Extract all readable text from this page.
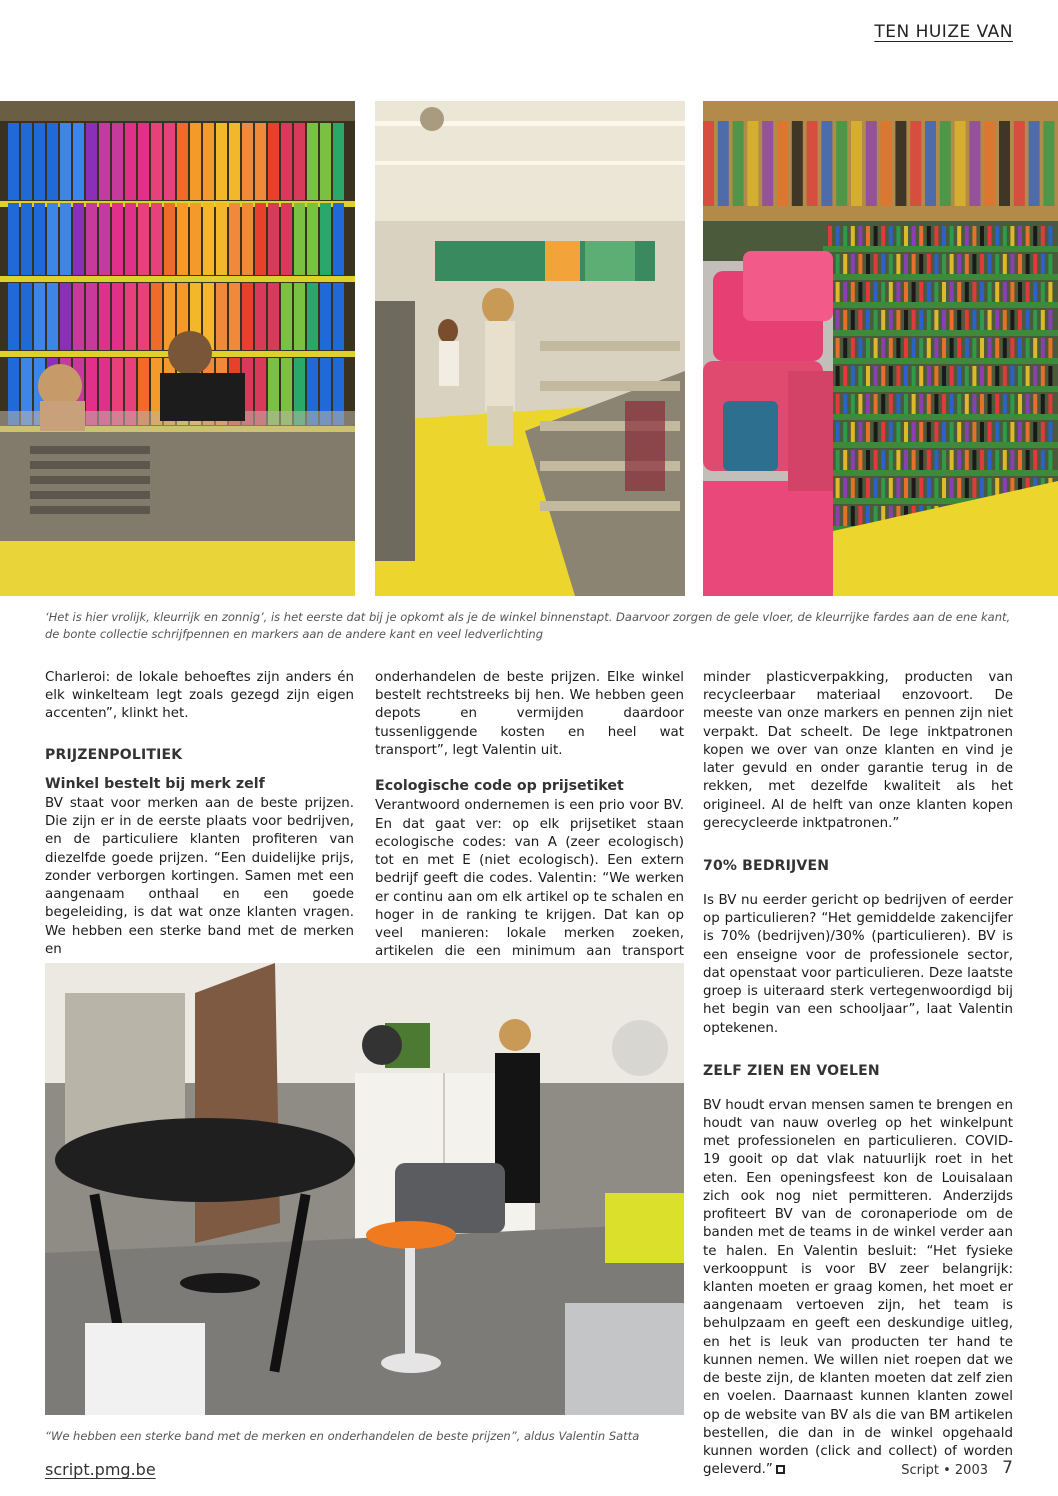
TEN HUIZE VAN
‘Het is hier vrolijk, kleurrijk en zonnig’, is het eerste dat bij je opkomt als je de winkel binnenstapt. Daarvoor zorgen de gele vloer, de kleurrijke fardes aan de ene kant, de bonte collectie schrijfpennen en markers aan de andere kant en veel ledverlichting

Charleroi: de lokale behoeftes zijn anders én elk winkelteam legt zoals gezegd zijn eigen accenten”, klinkt het.

PRIJZENPOLITIEK
Winkel bestelt bij merk zelf

BV staat voor merken aan de beste prijzen. Die zijn er in de eerste plaats voor bedrijven, en de particuliere klanten profiteren van diezelfde goede prijzen. “Een duidelijke prijs, zonder verborgen kortingen. Samen met een aangenaam onthaal en een goede begeleiding, is dat wat onze klanten vragen. We hebben een sterke band met de merken en

onderhandelen de beste prijzen. Elke winkel bestelt rechtstreeks bij hen. We hebben geen depots en vermijden daardoor tussenliggende kosten en heel wat transport”, legt Valentin uit.

Ecologische code op prijsetiket

Verantwoord ondernemen is een prio voor BV. En dat gaat ver: op elk prijsetiket staan ecologische codes: van A (zeer ecologisch) tot en met E (niet ecologisch). Een extern bedrijf geeft die codes. Valentin: “We werken er continu aan om elk artikel op te schalen en hoger in de ranking te krijgen. Dat kan op veel manieren: lokale merken zoeken, artikelen die een minimum aan transport

minder plasticverpakking, producten van recycleerbaar materiaal enzovoort. De meeste van onze markers en pennen zijn niet verpakt. Dat scheelt. De lege inktpatronen kopen we over van onze klanten en vind je later gevuld en onder garantie terug in de rekken, met dezelfde kwaliteit als het origineel. Al de helft van onze klanten kopen gerecycleerde inktpatronen.”

70% BEDRIJVEN

Is BV nu eerder gericht op bedrijven of eerder op particulieren? “Het gemiddelde zakencijfer is 70% (bedrijven)/30% (particulieren). BV is een enseigne voor de professionele sector, dat openstaat voor particulieren. Deze laatste groep is uiteraard sterk vertegenwoordigd bij het begin van een schooljaar”, laat Valentin optekenen.

ZELF ZIEN EN VOELEN

BV houdt ervan mensen samen te brengen en houdt van nauw overleg op het winkelpunt met professionelen en particulieren. COVID-19 gooit op dat vlak natuurlijk roet in het eten. Een openingsfeest kon de Louisalaan zich ook nog niet permitteren. Anderzijds profiteert BV van de coronaperiode om de banden met de teams in de winkel verder aan te halen. En Valentin besluit: “Het fysieke verkooppunt is voor BV zeer belangrijk: klanten moeten er graag komen, het moet er aangenaam vertoeven zijn, het team is behulpzaam en geeft een deskundige uitleg, en het is leuk van producten ter hand te kunnen nemen. We willen niet roepen dat we de beste zijn, de klanten moeten dat zelf zien en voelen. Daarnaast kunnen klanten zowel op de website van BV als die van BM artikelen bestellen, die dan in de winkel opgehaald kunnen worden (click and collect) of worden geleverd.”

“We hebben een sterke band met de merken en onderhandelen de beste prijzen”, aldus Valentin Satta
script.pmg.be	Script • 2003 7
